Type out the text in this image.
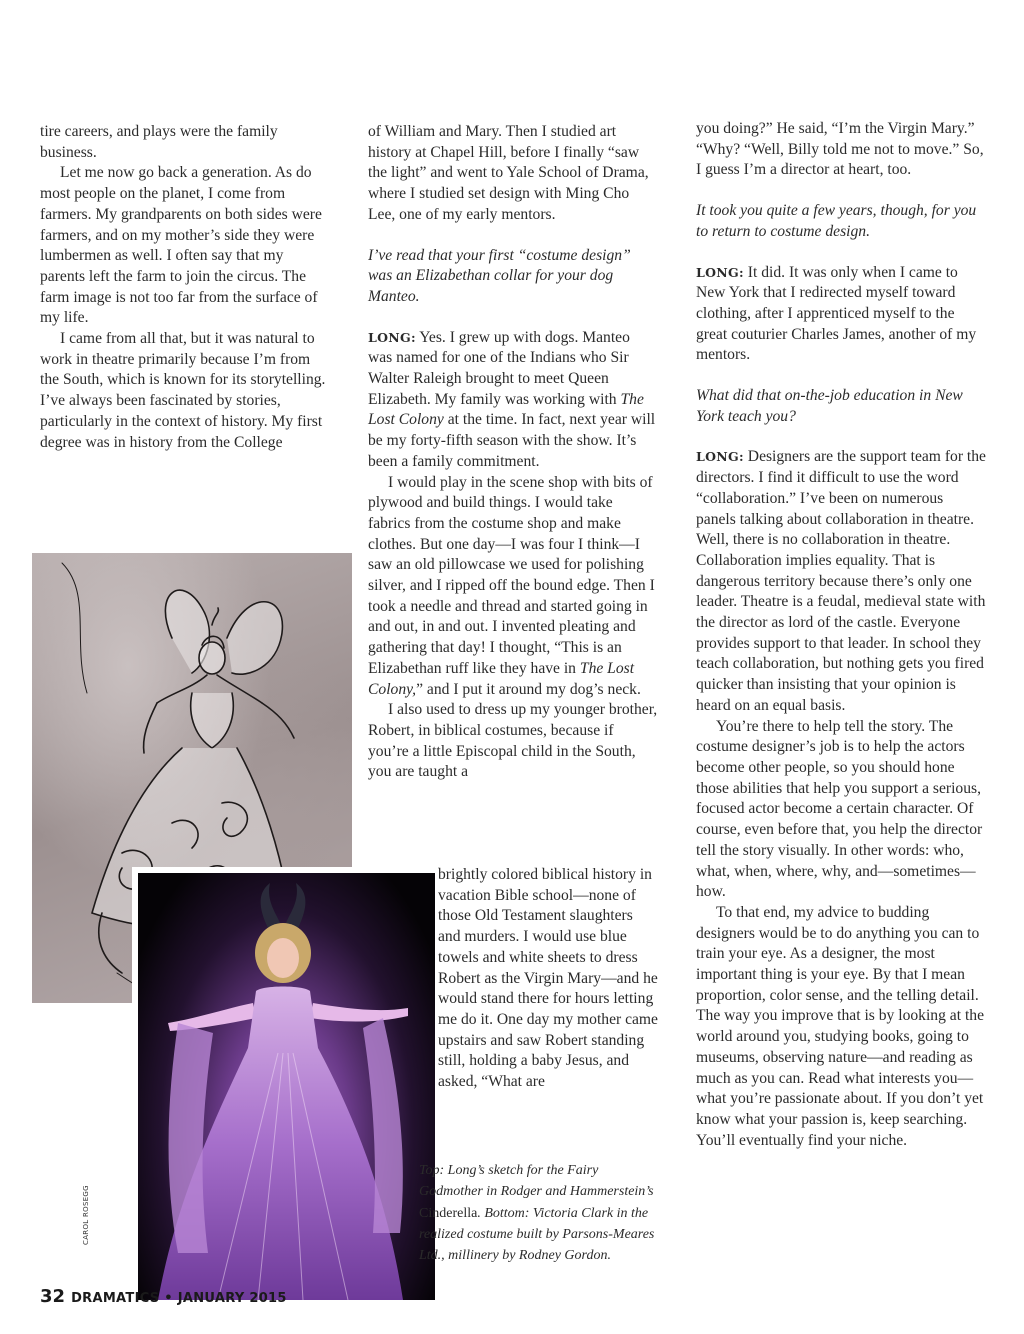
tire careers, and plays were the family business.

Let me now go back a generation. As do most people on the planet, I come from farmers. My grandparents on both sides were farmers, and on my mother’s side they were lumbermen as well. I often say that my parents left the farm to join the circus. The farm image is not too far from the surface of my life.

I came from all that, but it was natural to work in theatre primarily because I’m from the South, which is known for its storytelling. I’ve always been fascinated by stories, particularly in the context of history. My first degree was in history from the College

of William and Mary. Then I studied art history at Chapel Hill, before I finally “saw the light” and went to Yale School of Drama, where I studied set design with Ming Cho Lee, one of my early mentors.

I’ve read that your first “costume design” was an Elizabethan collar for your dog Manteo.

LONG: Yes. I grew up with dogs. Manteo was named for one of the Indians who Sir Walter Raleigh brought to meet Queen Elizabeth. My family was working with The Lost Colony at the time. In fact, next year will be my forty-fifth season with the show. It’s been a family commitment.

I would play in the scene shop with bits of plywood and build things. I would take fabrics from the costume shop and make clothes. But one day—I was four I think—I saw an old pillowcase we used for polishing silver, and I ripped off the bound edge. Then I took a needle and thread and started going in and out, in and out. I invented pleating and gathering that day! I thought, “This is an Elizabethan ruff like they have in The Lost Colony,” and I put it around my dog’s neck.

I also used to dress up my younger brother, Robert, in biblical costumes, because if you’re a little Episcopal child in the South, you are taught a

brightly colored biblical history in vacation Bible school—none of those Old Testament slaughters and murders. I would use blue towels and white sheets to dress Robert as the Virgin Mary—and he would stand there for hours letting me do it. One day my mother came upstairs and saw Robert standing still, holding a baby Jesus, and asked, “What are

CAROL ROSEGG
Top: Long’s sketch for the Fairy Godmother in Rodger and Hammerstein’s Cinderella. Bottom: Victoria Clark in the realized costume built by Parsons-Meares Ltd., millinery by Rodney Gordon.

you doing?” He said, “I’m the Virgin Mary.” “Why? “Well, Billy told me not to move.” So, I guess I’m a director at heart, too.

It took you quite a few years, though, for you to return to costume design.

LONG: It did. It was only when I came to New York that I redirected myself toward clothing, after I apprenticed myself to the great couturier Charles James, another of my mentors.

What did that on-the-job education in New York teach you?

LONG: Designers are the support team for the directors. I find it difficult to use the word “collaboration.” I’ve been on numerous panels talking about collaboration in theatre. Well, there is no collaboration in theatre. Collaboration implies equality. That is dangerous territory because there’s only one leader. Theatre is a feudal, medieval state with the director as lord of the castle. Everyone provides support to that leader. In school they teach collaboration, but nothing gets you fired quicker than insisting that your opinion is heard on an equal basis.

You’re there to help tell the story. The costume designer’s job is to help the actors become other people, so you should hone those abilities that help you support a serious, focused actor become a certain character. Of course, even before that, you help the director tell the story visually. In other words: who, what, when, where, why, and—sometimes—how.

To that end, my advice to budding designers would be to do anything you can to train your eye. As a designer, the most important thing is your eye. By that I mean proportion, color sense, and the telling detail. The way you improve that is by looking at the world around you, studying books, going to museums, observing nature—and reading as much as you can. Read what interests you—what you’re passionate about. If you don’t yet know what your passion is, keep searching. You’ll eventually find your niche.

32 DRAMATICS • JANUARY 2015
